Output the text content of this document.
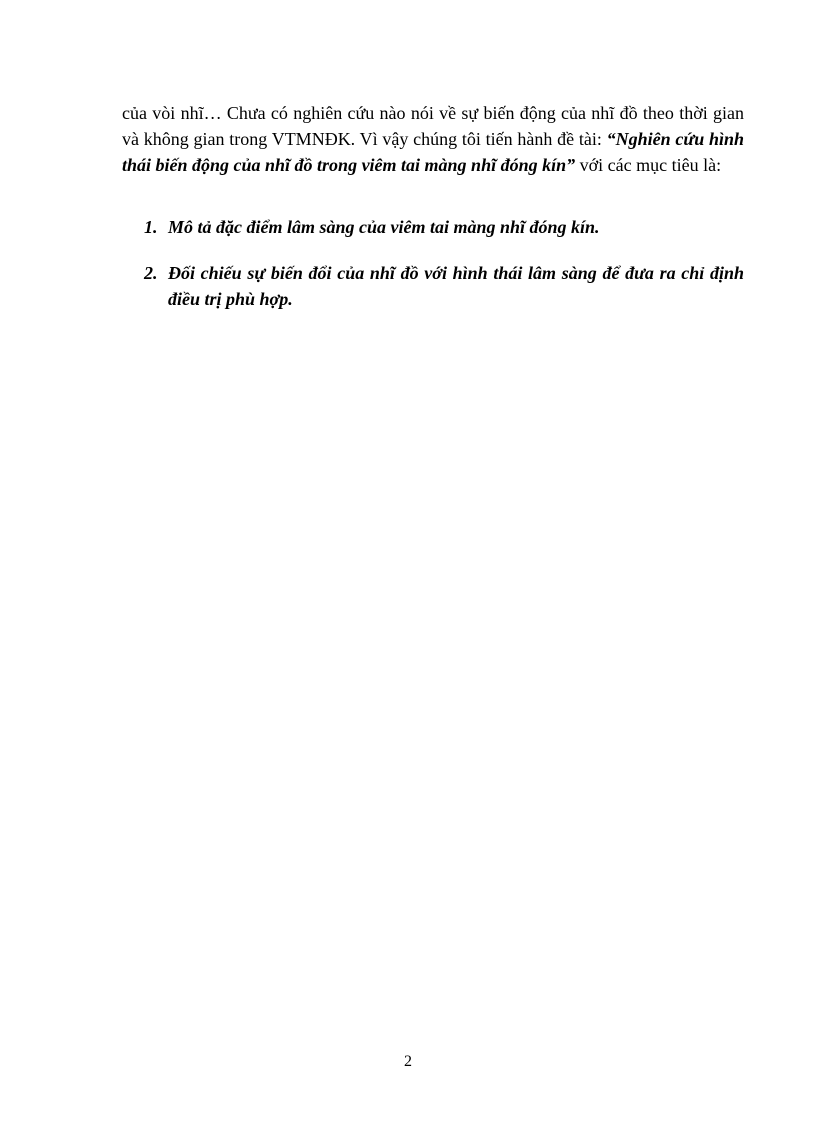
của vòi nhĩ… Chưa có nghiên cứu nào nói về sự biến động của nhĩ đồ theo thời gian và không gian trong VTMNĐK. Vì vậy chúng tôi tiến hành đề tài: “Nghiên cứu hình thái biến động của nhĩ đồ trong viêm tai màng nhĩ đóng kín” với các mục tiêu là:

1. Mô tả đặc điểm lâm sàng của viêm tai màng nhĩ đóng kín.
2. Đối chiếu sự biến đổi của nhĩ đồ với hình thái lâm sàng để đưa ra chỉ định điều trị phù hợp.
2
